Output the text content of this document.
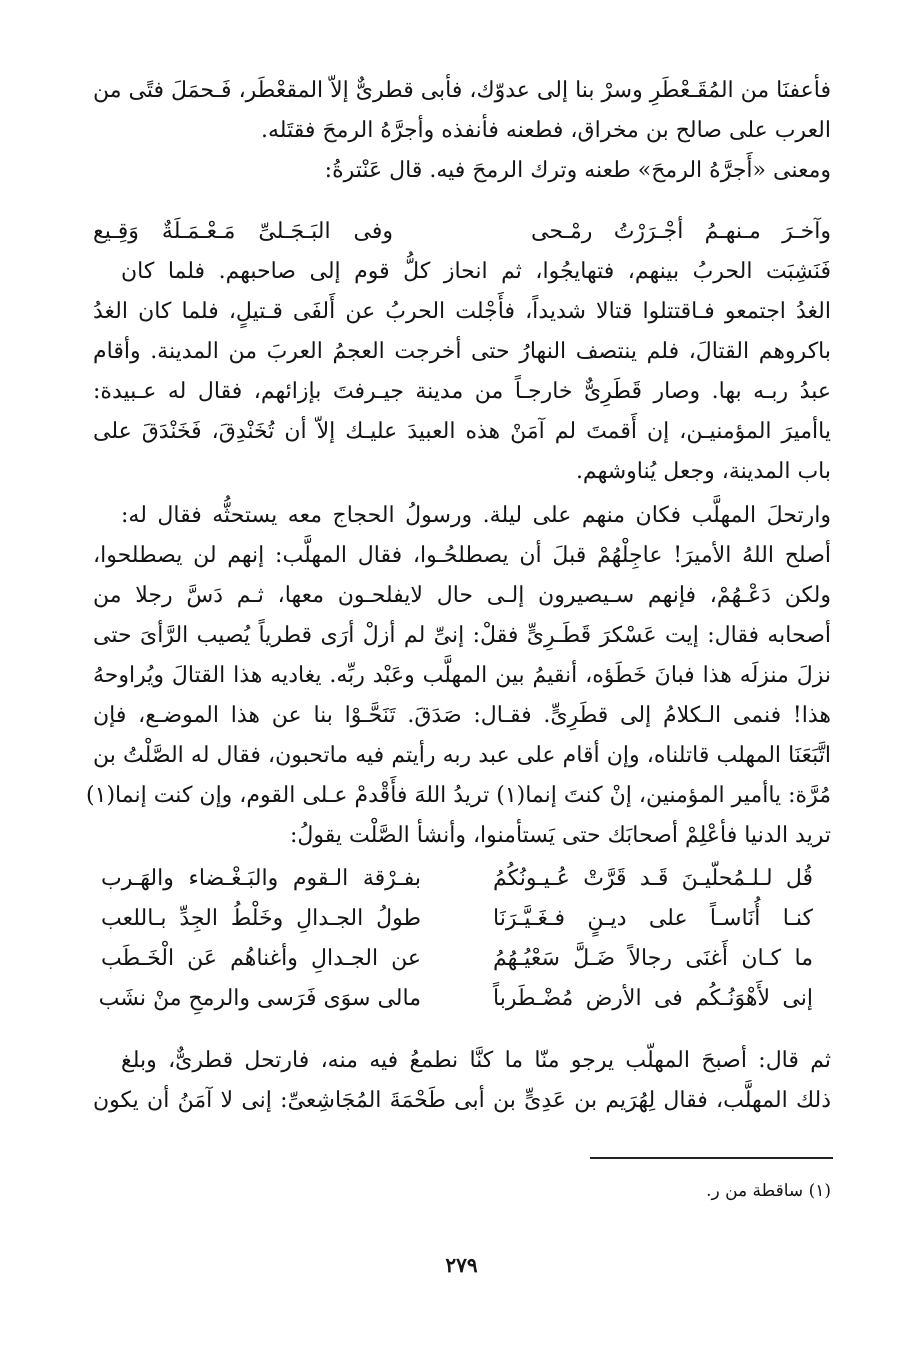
فأعفنَا من المُقَـعْطَرِ وسرْ بنا إلى عدوّك، فأبى قطرىٌّ إلاّ المقعْطَر، فَـحمَلَ فتًى من
العرب على صالح بن مخراق، فطعنه فأنفذه وأجرَّهُ الرمحَ فقتَله.
ومعنى «أَجرَّهُ الرمحَ» طعنه وترك الرمحَ فيه. قال عَنْترةُ:
وآخـرَ مـنهـمُ أجْـرَرْتُ رمْـحى
وفى البَـجَـلىِّ مَـعْـمَـلَةٌ وَقِـيع
فَنَشِبَت الحربُ بينهم، فتهايجُوا، ثم انحاز كلُّ قوم إلى صاحبهم. فلما كان
الغدُ اجتمعو فـاقتتلوا قتالا شديداً، فأَجْلت الحربُ عن أَلفَى قـتيلٍ، فلما كان الغدُ
باكروهم القتالَ، فلم ينتصف النهارُ حتى أخرجت العجمُ العربَ من المدينة. وأقام
عبدُ ربـه بها. وصار قَطَرِىٌّ خارجـاً من مدينة جيـرفتَ بإزائهم، فقال له عـبيدة:
ياأميرَ المؤمنيـن، إن أَقمتَ لم آمَنْ هذه العبيدَ عليـك إلاّ أن تُخَنْدِقَ، فَخَنْدَقَ على
باب المدينة، وجعل يُناوشهم.
وارتحلَ المهلَّب فكان منهم على ليلة. ورسولُ الحجاج معه يستحثُّه فقال له:
أصلح اللهُ الأميرَ! عاجِلْهُمْ قبلَ أن يصطلحُـوا، فقال المهلَّب: إنهم لن يصطلحوا،
ولكن دَعْـهُمْ، فإنهم سـيصيرون إلـى حال لايفلحـون معها، ثـم دَسَّ رجلا من
أصحابه فقال: إيت عَسْكرَ قَطَـرِىٍّ فقلْ: إنىِّ لم أزلْ أرَى قطرياً يُصيب الرَّأىَ حتى
نزلَ منزلَه هذا فبانَ خَطَؤه، أنقيمُ بين المهلَّب وعَبْد ربِّه. يغاديه هذا القتالَ ويُراوحهُ
هذا! فنمى الـكلامُ إلى قطَرِىٍّ. فقـال: صَدَقَ. تَنَحَّـوْا بنا عن هذا الموضـع، فإن
اتَّبَعَنَا المهلب قاتلناه، وإن أقام على عبد ربه رأيتم فيه ماتحبون، فقال له الصَّلْتُ بن
مُرَّة: ياأمير المؤمنين، إنْ كنتَ إنما(١) تريدُ اللهَ فأَقْدمْ عـلى القوم، وإن كنت إنما(١)
تريد الدنيا فأعْلِمْ أصحابَك حتى يَستأمنوا، وأنشأ الصَّلْت يقولُ:
قُل لـلـمُحلّيـنَ قَـد قَرَّتْ عُـيـونُكُمُ
بفـرْقة الـقوم والبَـغْـضاء والهَـرب
كنـا أُنَاسـاً على ديـنٍ فـغَـيَّـرَنَا
طولُ الجـدالِ وخَلْطُ الجِدِّ بـاللعب
ما كـان أَغنَى رجالاً ضَـلَّ سَعْيُـهُمُ
عن الجـدالِ وأغناهُم عَن الْخَـطَب
إنى لأَهْوَنُـكُم فى الأرض مُضْـطَرباً
مالى سوَى فَرَسى والرمحِ منْ نشَب
ثم قال: أصبحَ المهلّب يرجو منّا ما كنَّا نطمعُ فيه منه، فارتحل قطرىٌّ، وبلغ
ذلك المهلَّب، فقال لِهُرَيم بن عَدِىٍّ بن أبى طَحْمَةَ المُجَاشِعىِّ: إنى لا آمَنُ أن يكون
(١) ساقطة من ر.
٢٧٩
